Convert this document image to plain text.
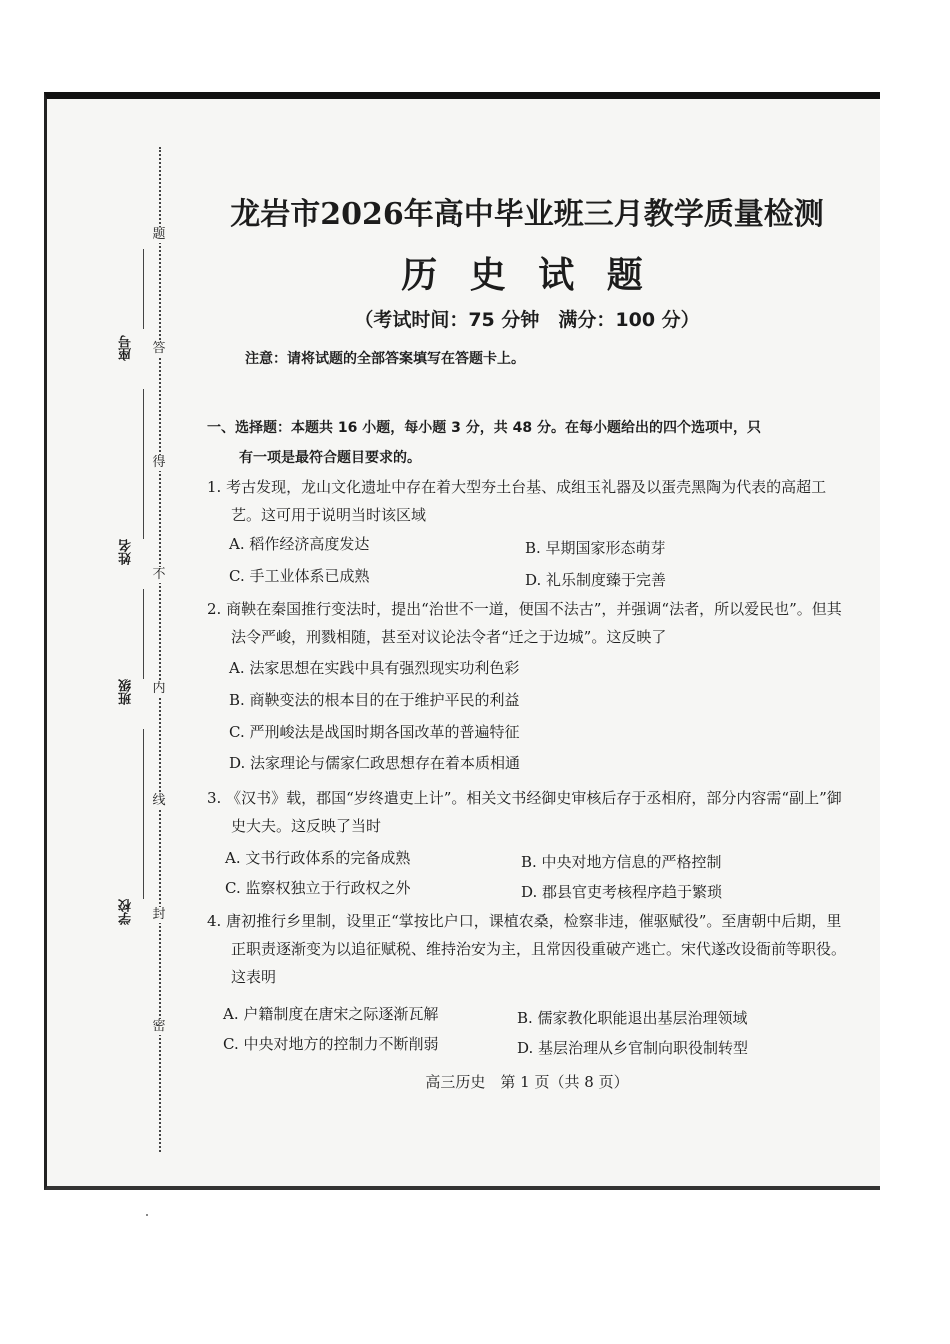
题
答
得
不
内
线
封
密
座号
姓名
班级
学校
龙岩市2026年高中毕业班三月教学质量检测
历 史 试 题
（考试时间：75 分钟　满分：100 分）
注意：请将试题的全部答案填写在答题卡上。
一、选择题：本题共 16 小题，每小题 3 分，共 48 分。在每小题给出的四个选项中，只
有一项是最符合题目要求的。
1. 考古发现，龙山文化遗址中存在着大型夯土台基、成组玉礼器及以蛋壳黑陶为代表的高超工艺。这可用于说明当时该区域
A. 稻作经济高度发达	B. 早期国家形态萌芽
C. 手工业体系已成熟	D. 礼乐制度臻于完善
2. 商鞅在秦国推行变法时，提出“治世不一道，便国不法古”，并强调“法者，所以爱民也”。但其法令严峻，刑戮相随，甚至对议论法令者“迁之于边城”。这反映了
A. 法家思想在实践中具有强烈现实功利色彩
B. 商鞅变法的根本目的在于维护平民的利益
C. 严刑峻法是战国时期各国改革的普遍特征
D. 法家理论与儒家仁政思想存在着本质相通
3. 《汉书》载，郡国“岁终遣吏上计”。相关文书经御史审核后存于丞相府，部分内容需“副上”御史大夫。这反映了当时
A. 文书行政体系的完备成熟	B. 中央对地方信息的严格控制
C. 监察权独立于行政权之外	D. 郡县官吏考核程序趋于繁琐
4. 唐初推行乡里制，设里正“掌按比户口，课植农桑，检察非违，催驱赋役”。至唐朝中后期，里正职责逐渐变为以追征赋税、维持治安为主，且常因役重破产逃亡。宋代遂改设衙前等职役。这表明
A. 户籍制度在唐宋之际逐渐瓦解	B. 儒家教化职能退出基层治理领域
C. 中央对地方的控制力不断削弱	D. 基层治理从乡官制向职役制转型
高三历史　第 1 页（共 8 页）
